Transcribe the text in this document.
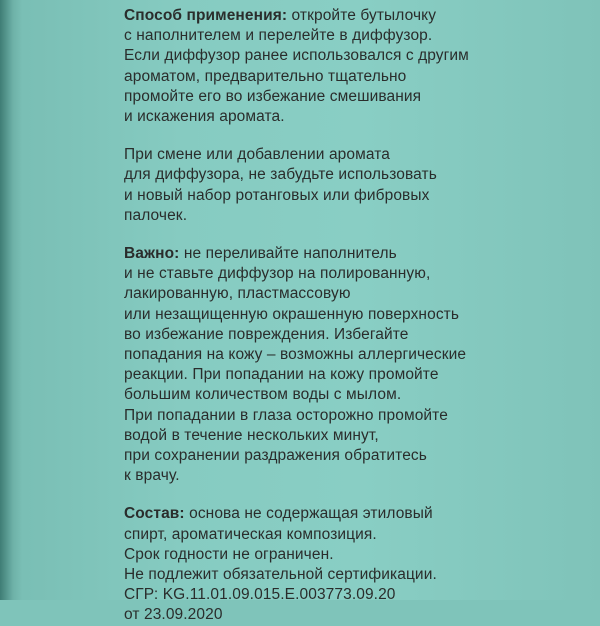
Способ применения: откройте бутылочку
с наполнителем и перелейте в диффузор.
Если диффузор ранее использовался с другим
ароматом, предварительно тщательно
промойте его во избежание смешивания
и искажения аромата.
При смене или добавлении аромата
для диффузора, не забудьте использовать
и новый набор ротанговых или фибровых
палочек.
Важно: не переливайте наполнитель
и не ставьте диффузор на полированную,
лакированную, пластмассовую
или незащищенную окрашенную поверхность
во избежание повреждения. Избегайте
попадания на кожу – возможны аллергические
реакции. При попадании на кожу промойте
большим количеством воды с мылом.
При попадании в глаза осторожно промойте
водой в течение нескольких минут,
при сохранении раздражения обратитесь
к врачу.
Состав: основа не содержащая этиловый
спирт, ароматическая композиция.
Срок годности не ограничен.
Не подлежит обязательной сертификации.
СГР: KG.11.01.09.015.Е.003773.09.20
от 23.09.2020
